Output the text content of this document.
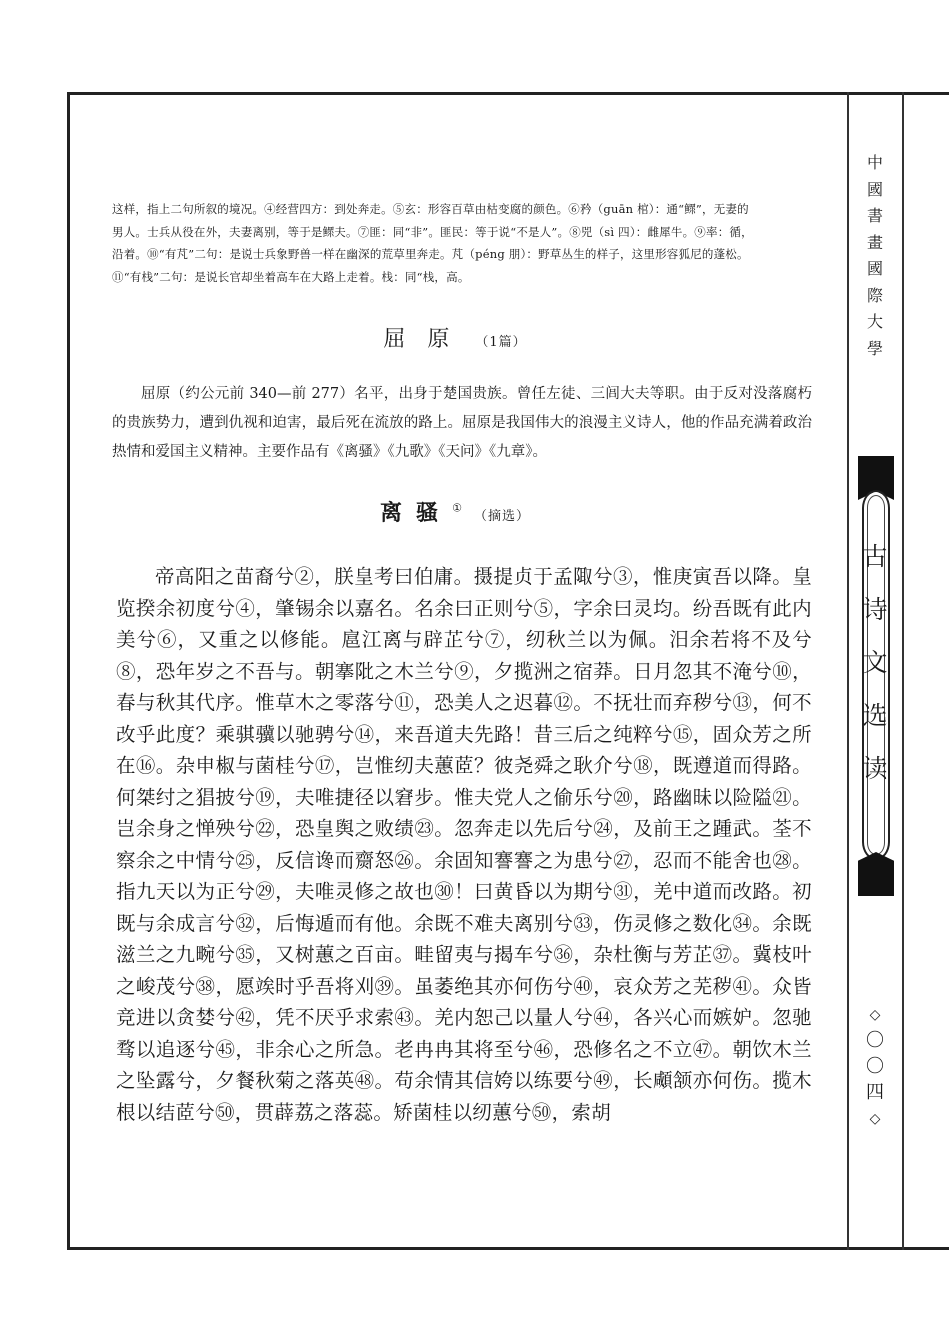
这样，指上二句所叙的境况。④经营四方：到处奔走。⑤玄：形容百草由枯变腐的颜色。⑥矜（guān 棺）：通“鳏”，无妻的

男人。士兵从役在外，夫妻离别，等于是鳏夫。⑦匪：同“非”。匪民：等于说“不是人”。⑧兕（sì 四）：雌犀牛。⑨率：循，

沿着。⑩“有芃”二句：是说士兵象野兽一样在幽深的荒草里奔走。芃（péng 朋）：野草丛生的样子，这里形容狐尼的蓬松。

⑪“有栈”二句：是说长官却坐着高车在大路上走着。栈：同“栈，高。

屈原 （1篇）
屈原（约公元前 340—前 277）名平，出身于楚国贵族。曾任左徒、三闾大夫等职。由于反对没落腐朽的贵族势力，遭到仇视和迫害，最后死在流放的路上。屈原是我国伟大的浪漫主义诗人，他的作品充满着政治热情和爱国主义精神。主要作品有《离骚》《九歌》《天问》《九章》。
离骚①（摘选）
帝高阳之苗裔兮②，朕皇考曰伯庸。摄提贞于孟陬兮③，惟庚寅吾以降。皇览揆余初度兮④，肇锡余以嘉名。名余曰正则兮⑤，字余曰灵均。纷吾既有此内美兮⑥，又重之以修能。扈江离与辟芷兮⑦，纫秋兰以为佩。汨余若将不及兮⑧，恐年岁之不吾与。朝搴阰之木兰兮⑨，夕揽洲之宿莽。日月忽其不淹兮⑩，春与秋其代序。惟草木之零落兮⑪，恐美人之迟暮⑫。不抚壮而弃秽兮⑬，何不改乎此度？乘骐骥以驰骋兮⑭，来吾道夫先路！昔三后之纯粹兮⑮，固众芳之所在⑯。杂申椒与菌桂兮⑰，岂惟纫夫蕙茝？彼尧舜之耿介兮⑱，既遵道而得路。何桀纣之猖披兮⑲，夫唯捷径以窘步。惟夫党人之偷乐兮⑳，路幽昧以险隘㉑。岂余身之惮殃兮㉒，恐皇舆之败绩㉓。忽奔走以先后兮㉔，及前王之踵武。荃不察余之中情兮㉕，反信谗而齌怒㉖。余固知謇謇之为患兮㉗，忍而不能舍也㉘。指九天以为正兮㉙，夫唯灵修之故也㉚！曰黄昏以为期兮㉛，羌中道而改路。初既与余成言兮㉜，后悔遁而有他。余既不难夫离别兮㉝，伤灵修之数化㉞。余既滋兰之九畹兮㉟，又树蕙之百亩。畦留夷与揭车兮㊱，杂杜衡与芳芷㊲。冀枝叶之峻茂兮㊳，愿竢时乎吾将刈㊴。虽萎绝其亦何伤兮㊵，哀众芳之芜秽㊶。众皆竞进以贪婪兮㊷，凭不厌乎求索㊸。羌内恕己以量人兮㊹，各兴心而嫉妒。忽驰骛以追逐兮㊺，非余心之所急。老冉冉其将至兮㊻，恐修名之不立㊼。朝饮木兰之坠露兮，夕餐秋菊之落英㊽。苟余情其信姱以练要兮㊾，长顑颔亦何伤。揽木根以结茝兮㊿，贯薜荔之落蕊。矫菌桂以纫蕙兮㊿，索胡
中
國
書
畫
國
際
大
學
古
诗
文
选
读
◇
〇
〇
四
◇
